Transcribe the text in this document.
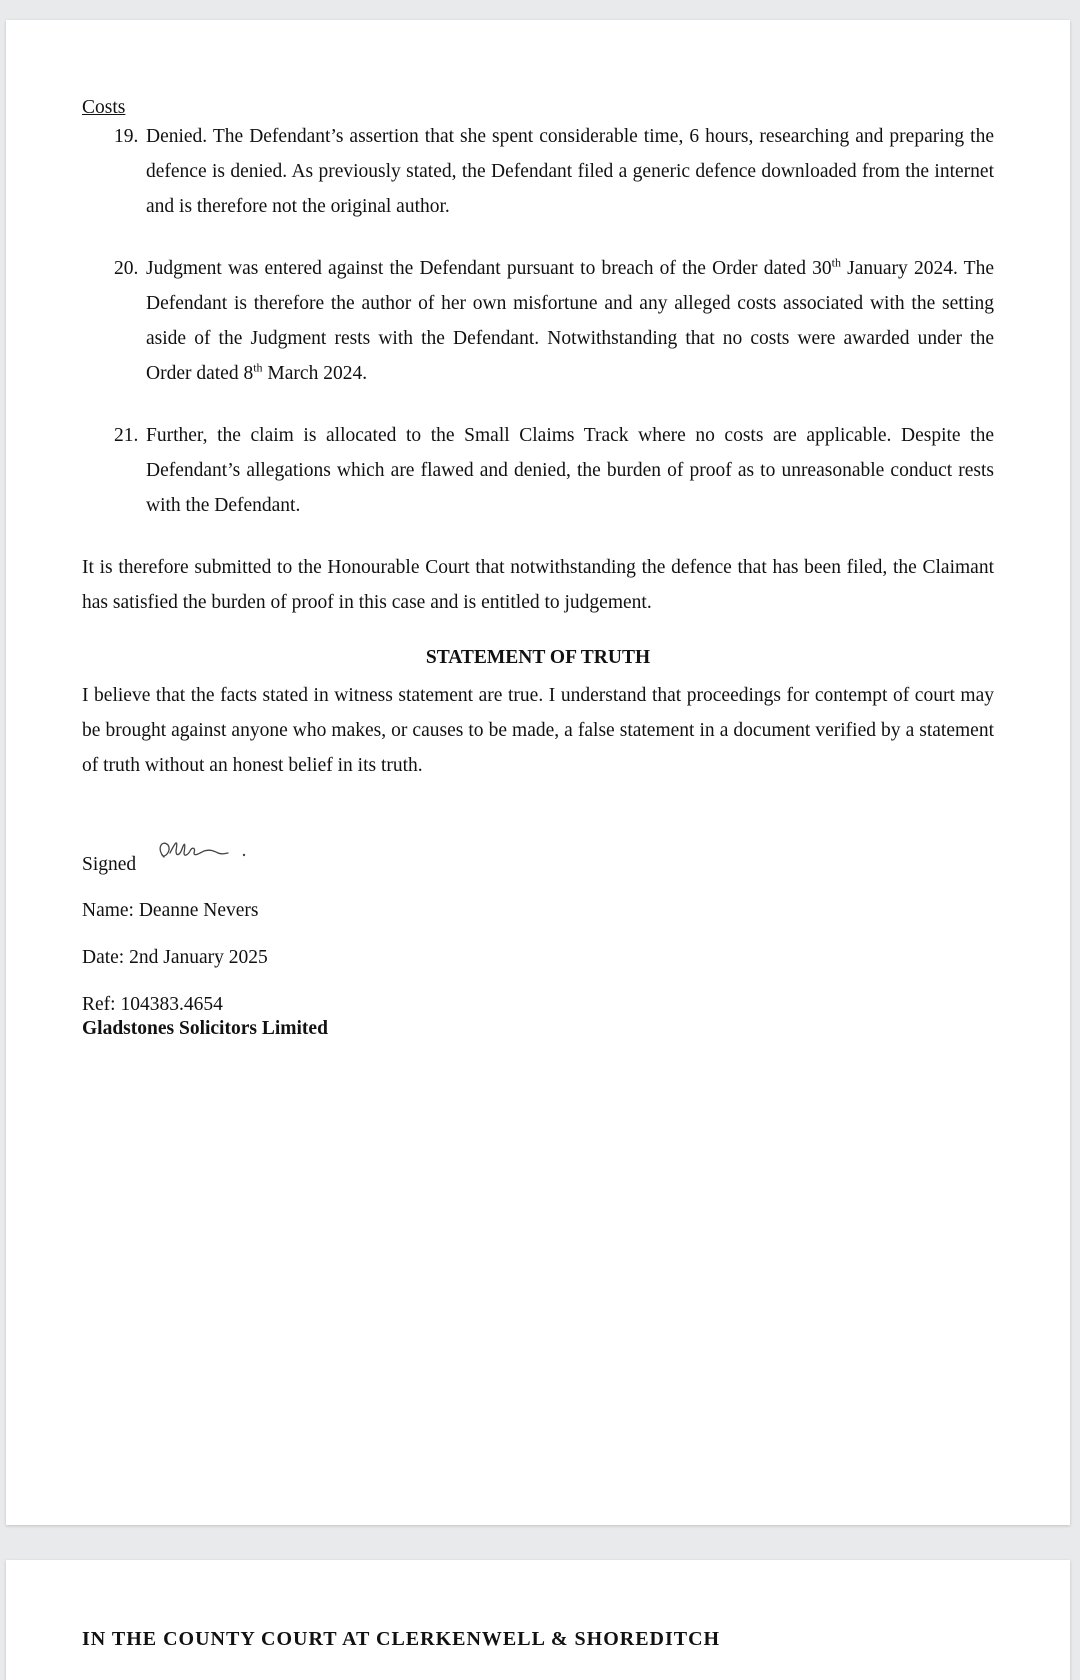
Costs

19. Denied. The Defendant’s assertion that she spent considerable time, 6 hours, researching and preparing the defence is denied. As previously stated, the Defendant filed a generic defence downloaded from the internet and is therefore not the original author.

20. Judgment was entered against the Defendant pursuant to breach of the Order dated 30th January 2024. The Defendant is therefore the author of her own misfortune and any alleged costs associated with the setting aside of the Judgment rests with the Defendant. Notwithstanding that no costs were awarded under the Order dated 8th March 2024.

21. Further, the claim is allocated to the Small Claims Track where no costs are applicable. Despite the Defendant’s allegations which are flawed and denied, the burden of proof as to unreasonable conduct rests with the Defendant.

It is therefore submitted to the Honourable Court that notwithstanding the defence that has been filed, the Claimant has satisfied the burden of proof in this case and is entitled to judgement.

STATEMENT OF TRUTH

I believe that the facts stated in witness statement are true. I understand that proceedings for contempt of court may be brought against anyone who makes, or causes to be made, a false statement in a document verified by a statement of truth without an honest belief in its truth.

Signed

Name: Deanne Nevers

Date: 2nd January 2025

Ref: 104383.4654

Gladstones Solicitors Limited

IN THE COUNTY COURT AT CLERKENWELL & SHOREDITCH
